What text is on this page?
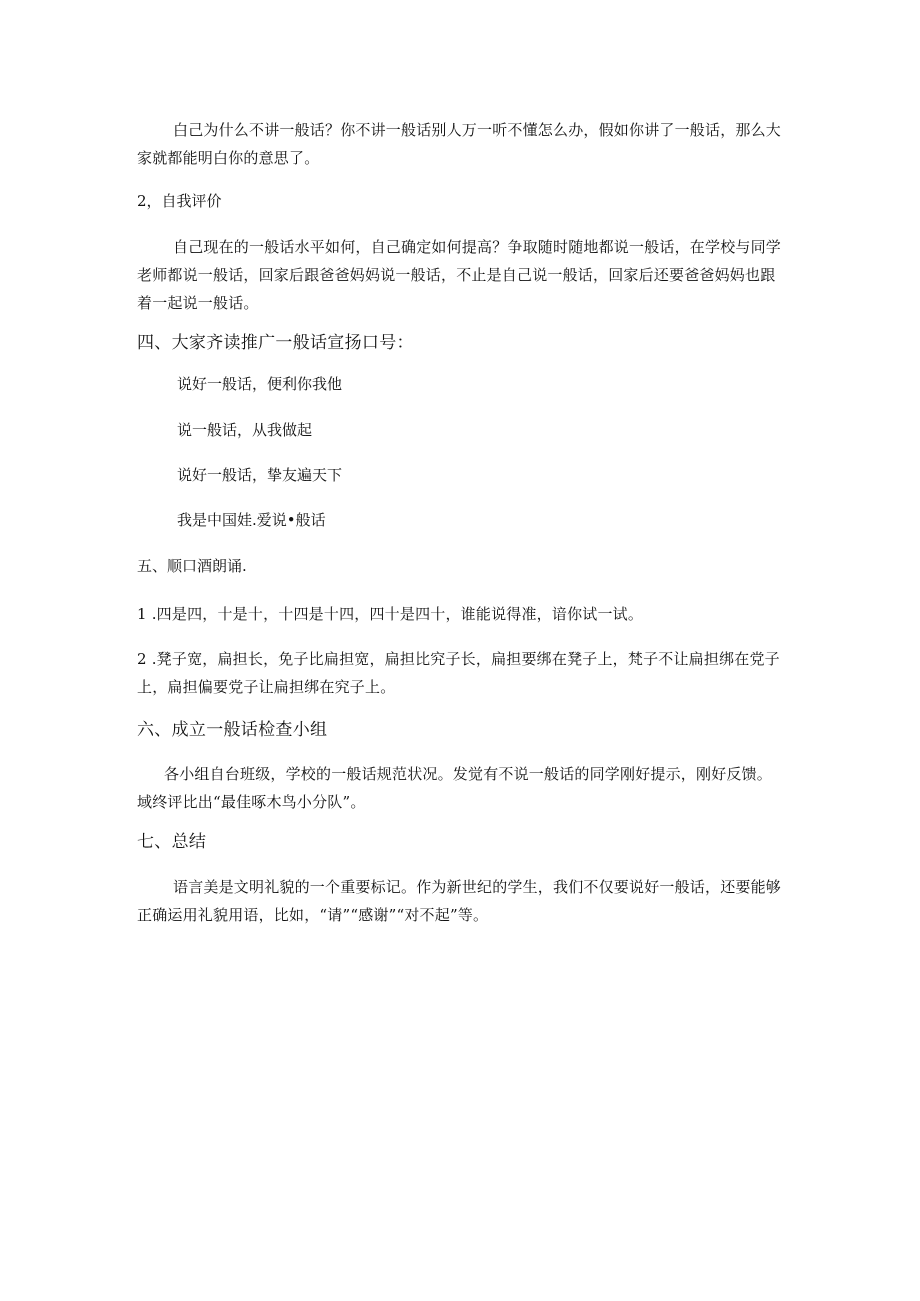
白己为什么不讲一般话？你不讲一般话别人万一听不懂怎么办，假如你讲了一般话，那么大家就都能明白你的意思了。

2，自我评价

自己现在的一般话水平如何，自己确定如何提高？争取随时随地都说一般话，在学校与同学老师都说一般话，回家后跟爸爸妈妈说一般话，不止是自己说一般话，回家后还要爸爸妈妈也跟着一起说一般话。

四、大家齐读推广一般话宣扬口号：

说好一般话，便利你我他

说一般话，从我做起

说好一般话，挚友遍天下

我是中国娃.爱说•般话

五、顺口酒朗诵.

1 .四是四，十是十，十四是十四，四十是四十，谁能说得准，谙你试一试。

2 .凳子宽，扁担长，免子比扁担宽，扁担比究子长，扁担要绑在凳子上，梵子不让扁担绑在党子上，扁担偏要党子让扁担绑在究子上。

六、成立一般话检查小组

各小组自台班级，学校的一般话规范状况。发觉有不说一般话的同学刚好提示，刚好反馈。域终评比出“最佳啄木鸟小分队”。

七、总结

语言美是文明礼貌的一个重要标记。作为新世纪的学生，我们不仅要说好一般话，还要能够正确运用礼貌用语，比如，“请”“感谢”“对不起”等。
